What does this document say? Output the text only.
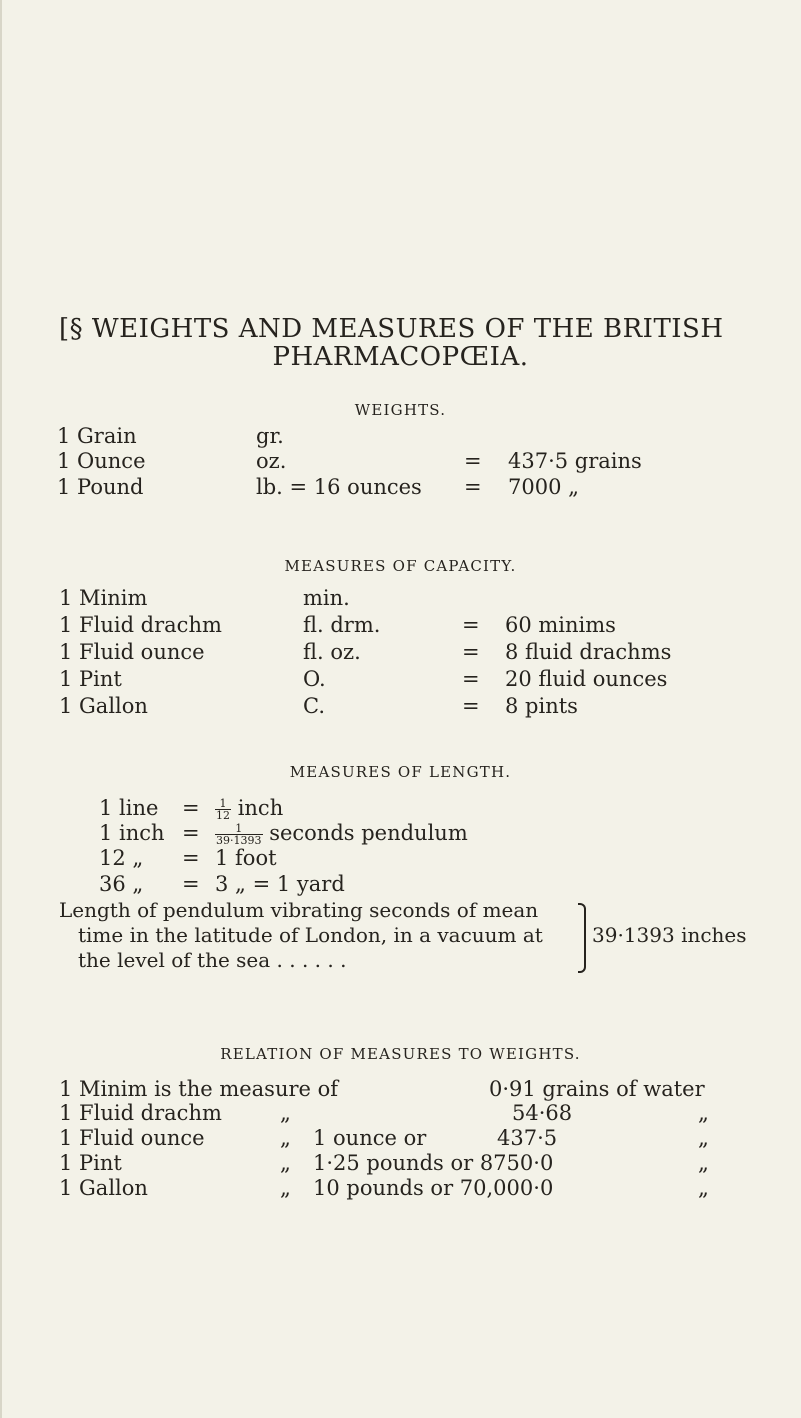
[§ WEIGHTS AND MEASURES OF THE BRITISH
PHARMACOPŒIA.
WEIGHTS.
1 Grain	gr.
1 Ounce	oz.	= 437·5 grains
1 Pound	lb. = 16 ounces = 7000 „
MEASURES OF CAPACITY.
1 Minim	min.
1 Fluid drachm	fl. drm.	= 60 minims
1 Fluid ounce	fl. oz.	= 8 fluid drachms
1 Pint	O.	= 20 fluid ounces
1 Gallon	C.	= 8 pints
MEASURES OF LENGTH.
1 line = $\frac{1}{12}$ inch
1 inch = $\frac{1}{39\cdot 1393}$ seconds pendulum
12 „ = 1 foot
36 „ = 3 „ = 1 yard
Length of pendulum vibrating seconds of mean
time in the latitude of London, in a vacuum at
the level of the sea . . . . . .
39·1393 inches
RELATION OF MEASURES TO WEIGHTS.
1 Minim is the measure of	0·91 grains of water
1 Fluid drachm	„	54·68	„
1 Fluid ounce	„ 1 ounce or	437·5	„
1 Pint	„ 1·25 pounds or 8750·0	„
1 Gallon	„ 10 pounds or 70,000·0	„
